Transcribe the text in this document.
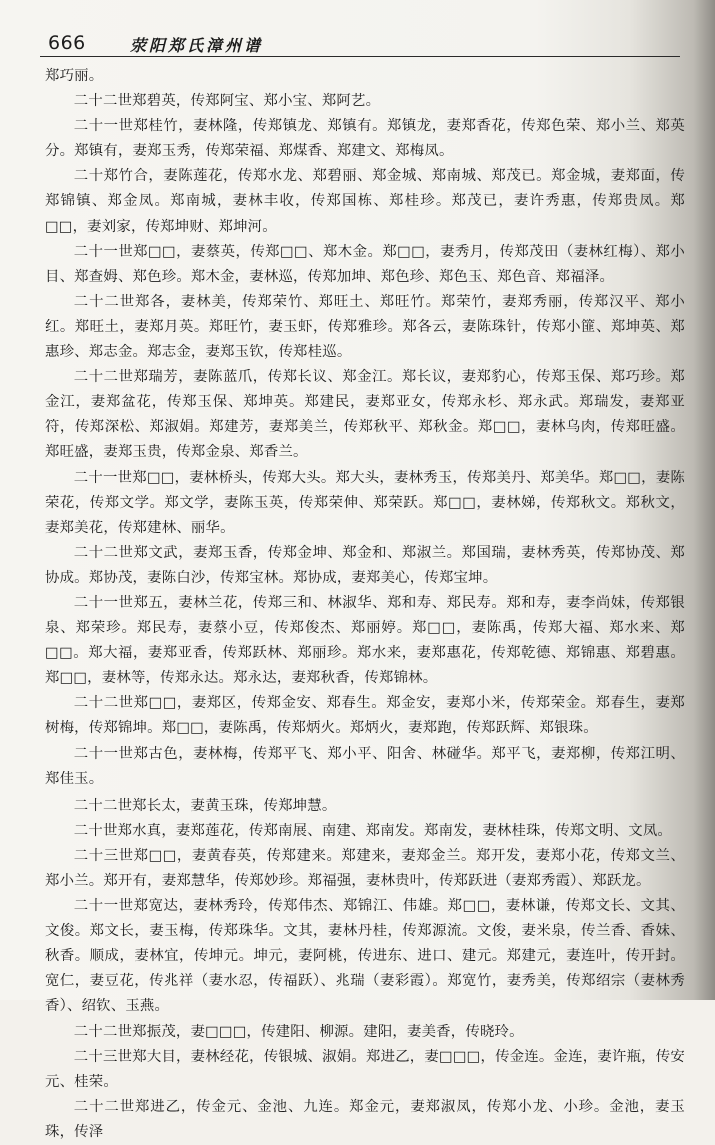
666	荥阳郑氏漳州谱

郑巧丽。

二十二世郑碧英，传郑阿宝、郑小宝、郑阿艺。

二十一世郑桂竹，妻林隆，传郑镇龙、郑镇有。郑镇龙，妻郑香花，传郑色荣、郑小兰、郑英分。郑镇有，妻郑玉秀，传郑荣福、郑煤香、郑建文、郑梅凤。

二十郑竹合，妻陈莲花，传郑水龙、郑碧丽、郑金城、郑南城、郑茂已。郑金城，妻郑面，传郑锦镇、郑金凤。郑南城，妻林丰收，传郑国栋、郑桂珍。郑茂已，妻许秀惠，传郑贵凤。郑□□，妻刘家，传郑坤财、郑坤河。

二十一世郑□□，妻蔡英，传郑□□、郑木金。郑□□，妻秀月，传郑茂田（妻林红梅）、郑小目、郑查姆、郑色珍。郑木金，妻林巡，传郑加坤、郑色珍、郑色玉、郑色音、郑福泽。

二十二世郑各，妻林美，传郑荣竹、郑旺土、郑旺竹。郑荣竹，妻郑秀丽，传郑汉平、郑小红。郑旺土，妻郑月英。郑旺竹，妻玉虾，传郑雅珍。郑各云，妻陈珠针，传郑小篚、郑坤英、郑惠珍、郑志金。郑志金，妻郑玉钦，传郑桂巡。

二十二世郑瑞芳，妻陈蓝爪，传郑长议、郑金江。郑长议，妻郑豹心，传郑玉保、郑巧珍。郑金江，妻郑盆花，传郑玉保、郑坤英。郑建民，妻郑亚女，传郑永杉、郑永武。郑瑞发，妻郑亚符，传郑深松、郑淑娟。郑建芳，妻郑美兰，传郑秋平、郑秋金。郑□□，妻林乌肉，传郑旺盛。郑旺盛，妻郑玉贵，传郑金泉、郑香兰。

二十一世郑□□，妻林桥头，传郑大头。郑大头，妻林秀玉，传郑美丹、郑美华。郑□□，妻陈荣花，传郑文学。郑文学，妻陈玉英，传郑荣伸、郑荣跃。郑□□，妻林娣，传郑秋文。郑秋文，妻郑美花，传郑建林、丽华。

二十二世郑文武，妻郑玉香，传郑金坤、郑金和、郑淑兰。郑国瑞，妻林秀英，传郑协茂、郑协成。郑协茂，妻陈白沙，传郑宝林。郑协成，妻郑美心，传郑宝坤。

二十一世郑五，妻林兰花，传郑三和、林淑华、郑和寿、郑民寿。郑和寿，妻李尚妹，传郑银泉、郑荣珍。郑民寿，妻蔡小豆，传郑俊杰、郑丽婷。郑□□，妻陈禹，传郑大福、郑水来、郑□□。郑大福，妻郑亚香，传郑跃林、郑丽珍。郑水来，妻郑惠花，传郑乾德、郑锦惠、郑碧惠。郑□□，妻林等，传郑永达。郑永达，妻郑秋香，传郑锦林。

二十二世郑□□，妻郑区，传郑金安、郑春生。郑金安，妻郑小米，传郑荣金。郑春生，妻郑树梅，传郑锦坤。郑□□，妻陈禹，传郑炳火。郑炳火，妻郑跑，传郑跃辉、郑银珠。

二十一世郑古色，妻林梅，传郑平飞、郑小平、阳舍、林碰华。郑平飞，妻郑柳，传郑江明、郑佳玉。

二十二世郑长太，妻黄玉珠，传郑坤慧。

二十世郑水真，妻郑莲花，传郑南展、南建、郑南发。郑南发，妻林桂珠，传郑文明、文凤。

二十三世郑□□，妻黄春英，传郑建来。郑建来，妻郑金兰。郑开发，妻郑小花，传郑文兰、郑小兰。郑开有，妻郑慧华，传郑妙珍。郑福强，妻林贵叶，传郑跃进（妻郑秀霞）、郑跃龙。

二十一世郑宽达，妻林秀玲，传郑伟杰、郑锦江、伟雄。郑□□，妻林谦，传郑文长、文其、文俊。郑文长，妻玉梅，传郑珠华。文其，妻林丹桂，传郑源流。文俊，妻米泉，传兰香、香妹、秋香。顺成，妻林宜，传坤元。坤元，妻阿桃，传进东、进口、建元。郑建元，妻连叶，传开封。宽仁，妻豆花，传兆祥（妻水忍，传福跃）、兆瑞（妻彩霞）。郑宽竹，妻秀美，传郑绍宗（妻林秀香）、绍钦、玉燕。

二十二世郑振茂，妻□□□，传建阳、柳源。建阳，妻美香，传晓玲。

二十三世郑大目，妻林经花，传银城、淑娟。郑进乙，妻□□□，传金连。金连，妻许瓶，传安元、桂荣。

二十二世郑进乙，传金元、金池、九连。郑金元，妻郑淑凤，传郑小龙、小珍。金池，妻玉珠，传泽
